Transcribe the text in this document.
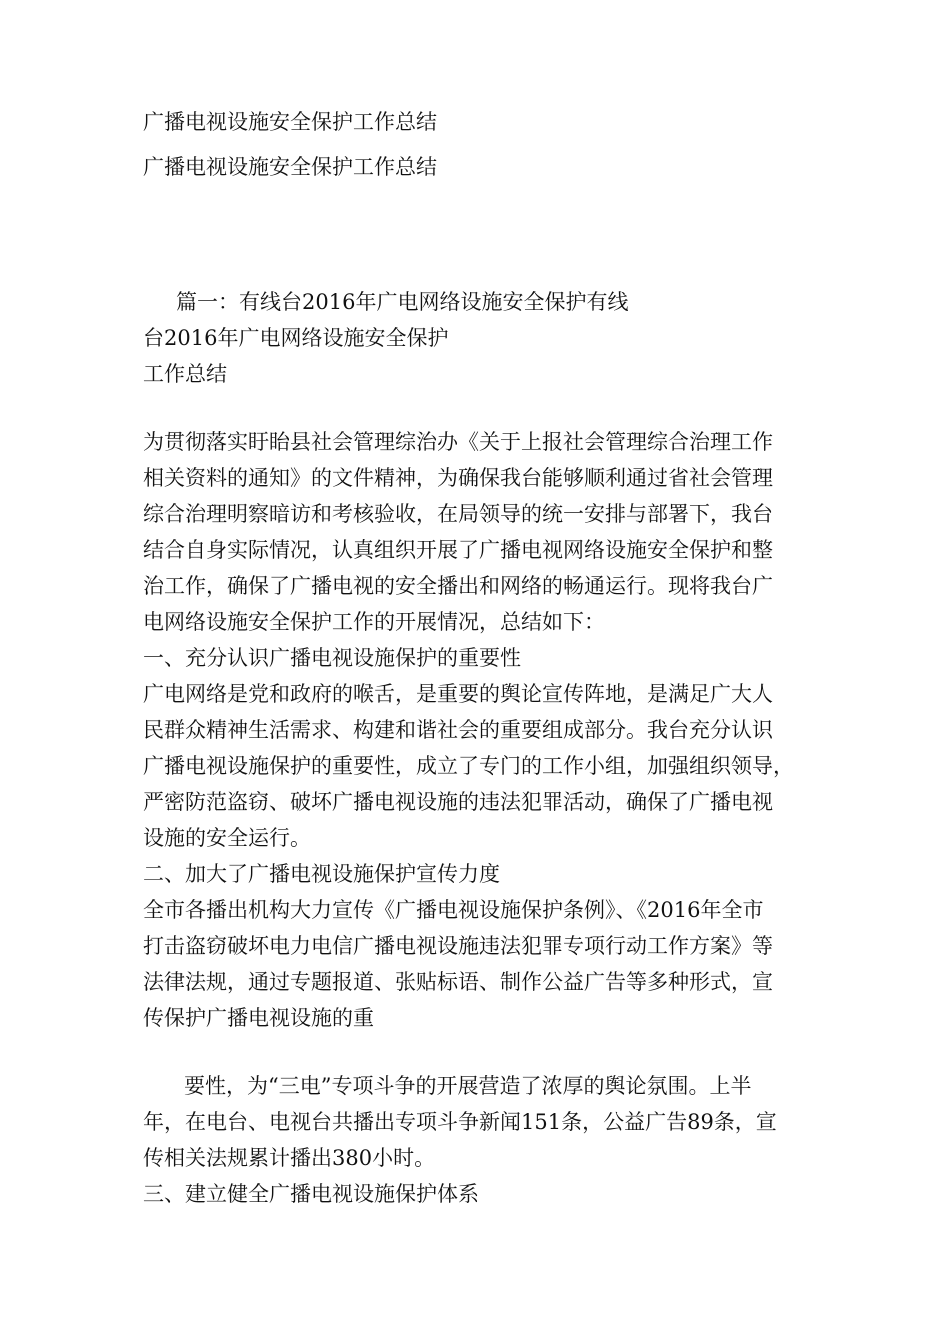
广播电视设施安全保护工作总结

广播电视设施安全保护工作总结

篇一：有线台2016年广电网络设施安全保护有线

台2016年广电网络设施安全保护

工作总结

为贯彻落实盱眙县社会管理综治办《关于上报社会管理综合治理工作

相关资料的通知》的文件精神，为确保我台能够顺利通过省社会管理

综合治理明察暗访和考核验收，在局领导的统一安排与部署下，我台

结合自身实际情况，认真组织开展了广播电视网络设施安全保护和整

治工作，确保了广播电视的安全播出和网络的畅通运行。现将我台广

电网络设施安全保护工作的开展情况，总结如下：

一、充分认识广播电视设施保护的重要性

广电网络是党和政府的喉舌，是重要的舆论宣传阵地，是满足广大人

民群众精神生活需求、构建和谐社会的重要组成部分。我台充分认识

广播电视设施保护的重要性，成立了专门的工作小组，加强组织领导，

严密防范盗窃、破坏广播电视设施的违法犯罪活动，确保了广播电视

设施的安全运行。

二、加大了广播电视设施保护宣传力度

全市各播出机构大力宣传《广播电视设施保护条例》、《2016年全市

打击盗窃破坏电力电信广播电视设施违法犯罪专项行动工作方案》等

法律法规，通过专题报道、张贴标语、制作公益广告等多种形式，宣

传保护广播电视设施的重

要性，为“三电”专项斗争的开展营造了浓厚的舆论氛围。上半

年，在电台、电视台共播出专项斗争新闻151条，公益广告89条，宣

传相关法规累计播出380小时。

三、建立健全广播电视设施保护体系
